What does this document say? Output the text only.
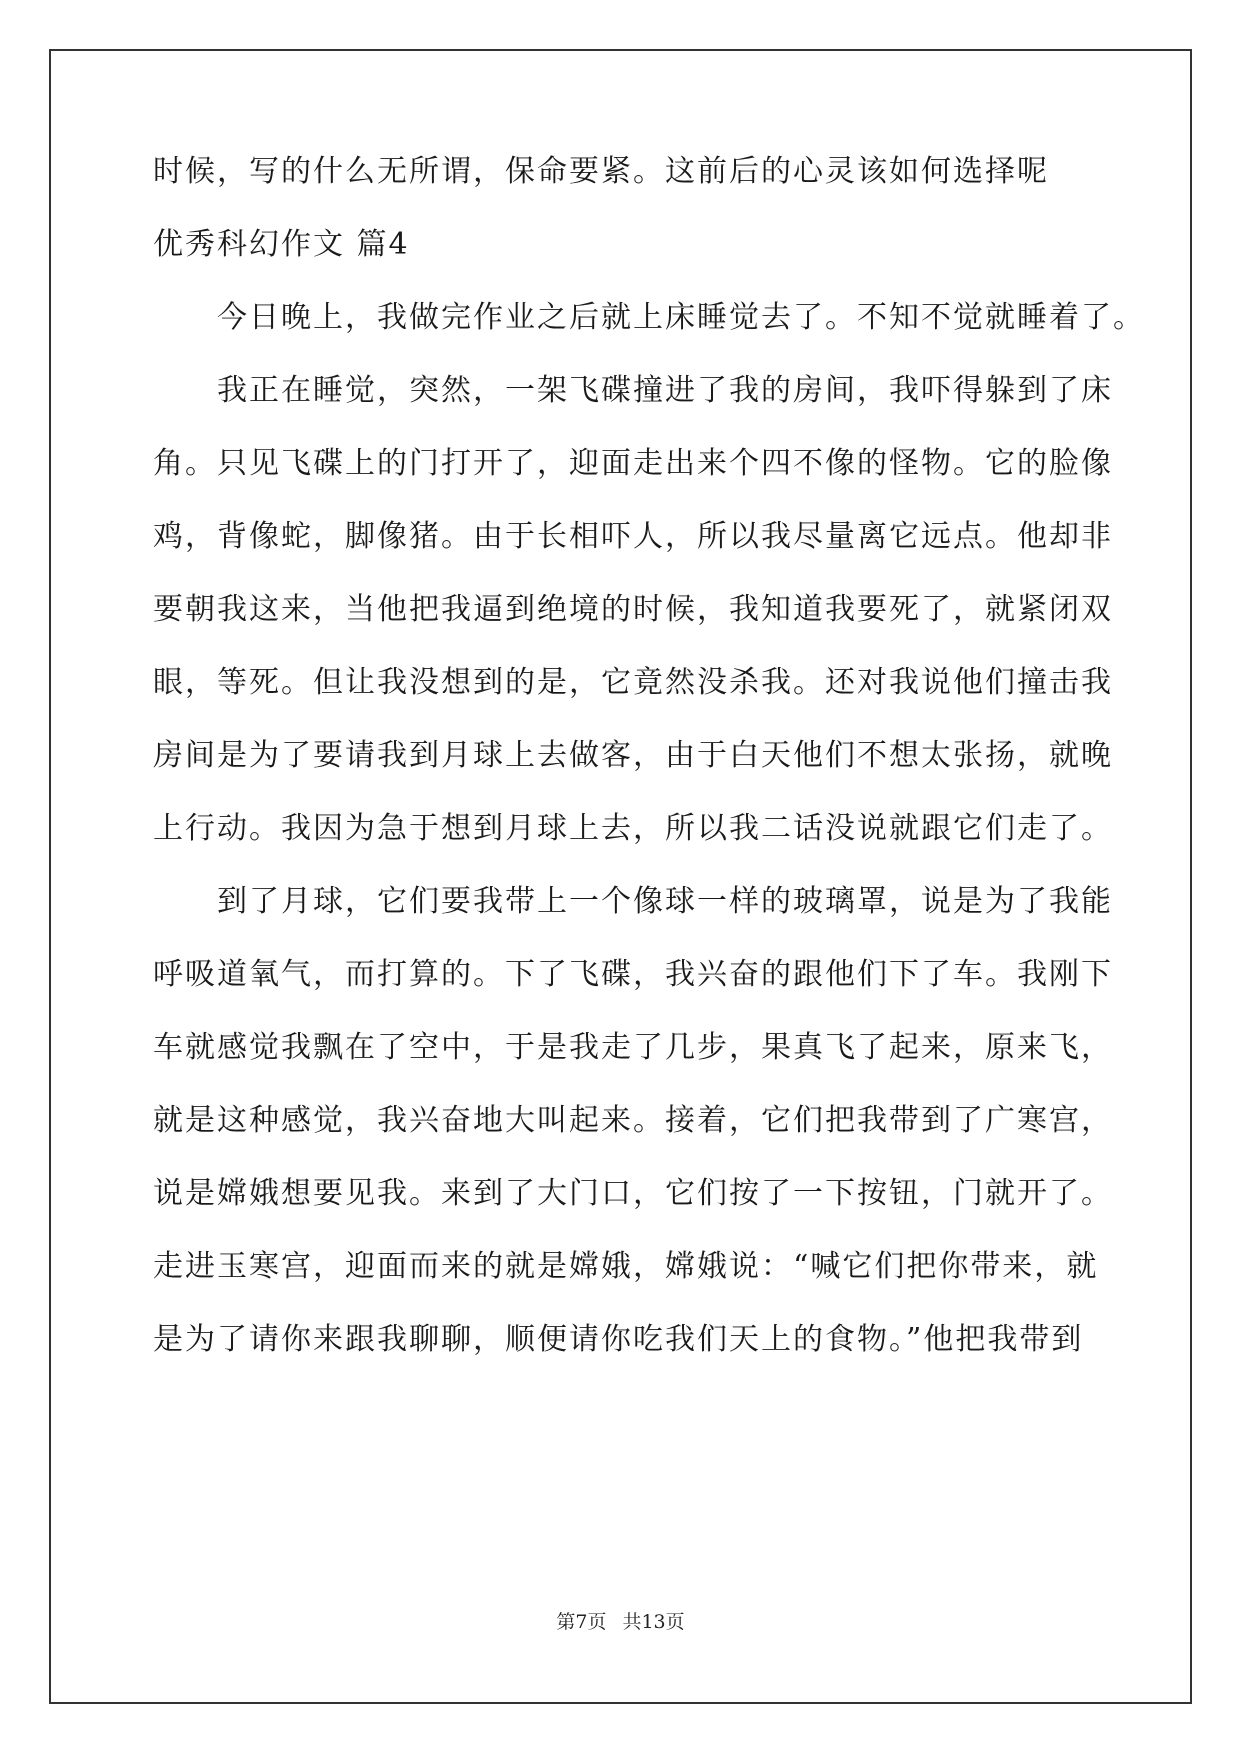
时候，写的什么无所谓，保命要紧。这前后的心灵该如何选择呢
优秀科幻作文 篇4
　　今日晚上，我做完作业之后就上床睡觉去了。不知不觉就睡着了。
　　我正在睡觉，突然，一架飞碟撞进了我的房间，我吓得躲到了床
角。只见飞碟上的门打开了，迎面走出来个四不像的怪物。它的脸像
鸡，背像蛇，脚像猪。由于长相吓人，所以我尽量离它远点。他却非
要朝我这来，当他把我逼到绝境的时候，我知道我要死了，就紧闭双
眼，等死。但让我没想到的是，它竟然没杀我。还对我说他们撞击我
房间是为了要请我到月球上去做客，由于白天他们不想太张扬，就晚
上行动。我因为急于想到月球上去，所以我二话没说就跟它们走了。
　　到了月球，它们要我带上一个像球一样的玻璃罩，说是为了我能
呼吸道氧气，而打算的。下了飞碟，我兴奋的跟他们下了车。我刚下
车就感觉我飘在了空中，于是我走了几步，果真飞了起来，原来飞，
就是这种感觉，我兴奋地大叫起来。接着，它们把我带到了广寒宫，
说是嫦娥想要见我。来到了大门口，它们按了一下按钮，门就开了。
走进玉寒宫，迎面而来的就是嫦娥，嫦娥说：“喊它们把你带来，就
是为了请你来跟我聊聊，顺便请你吃我们天上的食物。”他把我带到
第7页 共13页
